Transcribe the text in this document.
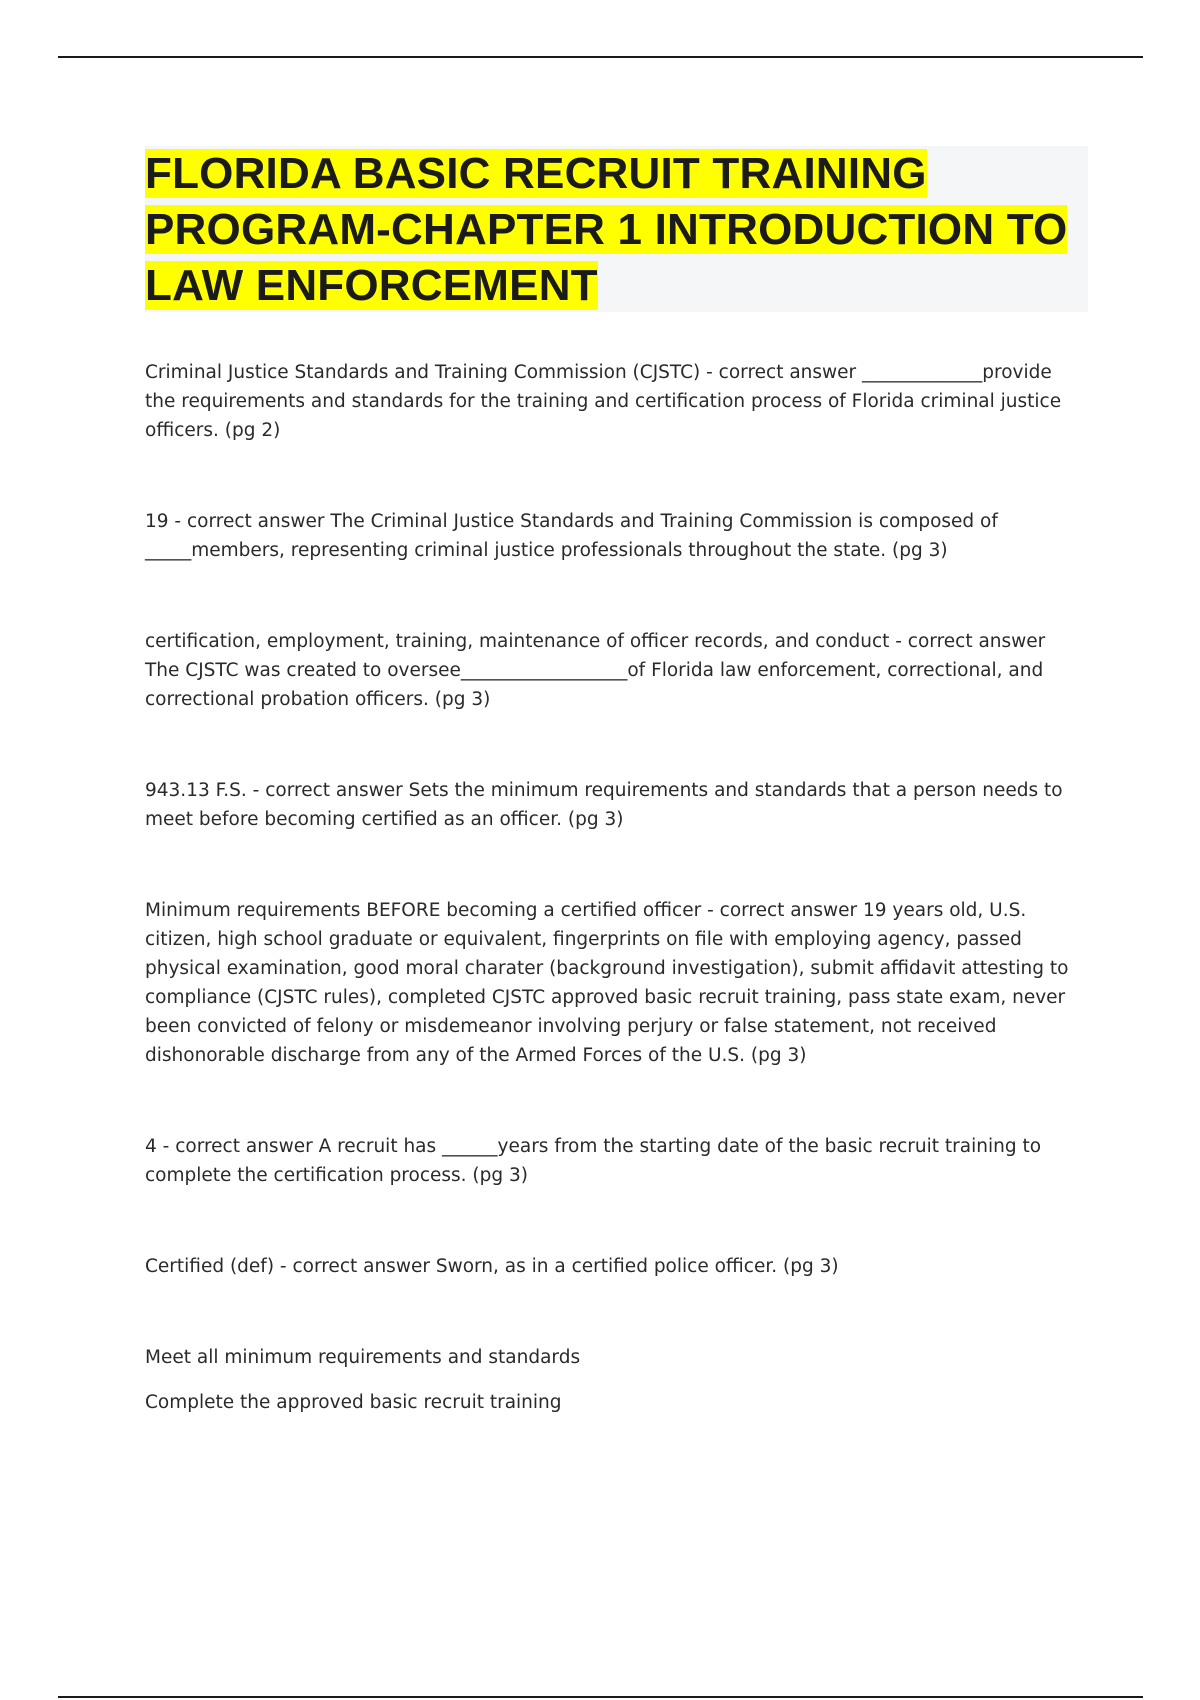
FLORIDA BASIC RECRUIT TRAINING PROGRAM-CHAPTER 1 INTRODUCTION TO LAW ENFORCEMENT

Criminal Justice Standards and Training Commission (CJSTC) - correct answer _____________provide the requirements and standards for the training and certification process of Florida criminal justice officers. (pg 2)

19 - correct answer The Criminal Justice Standards and Training Commission is composed of _____members, representing criminal justice professionals throughout the state. (pg 3)

certification, employment, training, maintenance of officer records, and conduct - correct answer The CJSTC was created to oversee__________________of Florida law enforcement, correctional, and correctional probation officers. (pg 3)

943.13 F.S. - correct answer Sets the minimum requirements and standards that a person needs to meet before becoming certified as an officer. (pg 3)

Minimum requirements BEFORE becoming a certified officer - correct answer 19 years old, U.S. citizen, high school graduate or equivalent, fingerprints on file with employing agency, passed physical examination, good moral charater (background investigation), submit affidavit attesting to compliance (CJSTC rules), completed CJSTC approved basic recruit training, pass state exam, never been convicted of felony or misdemeanor involving perjury or false statement, not received dishonorable discharge from any of the Armed Forces of the U.S. (pg 3)

4 - correct answer A recruit has ______years from the starting date of the basic recruit training to complete the certification process. (pg 3)

Certified (def) - correct answer Sworn, as in a certified police officer. (pg 3)

Meet all minimum requirements and standards

Complete the approved basic recruit training
